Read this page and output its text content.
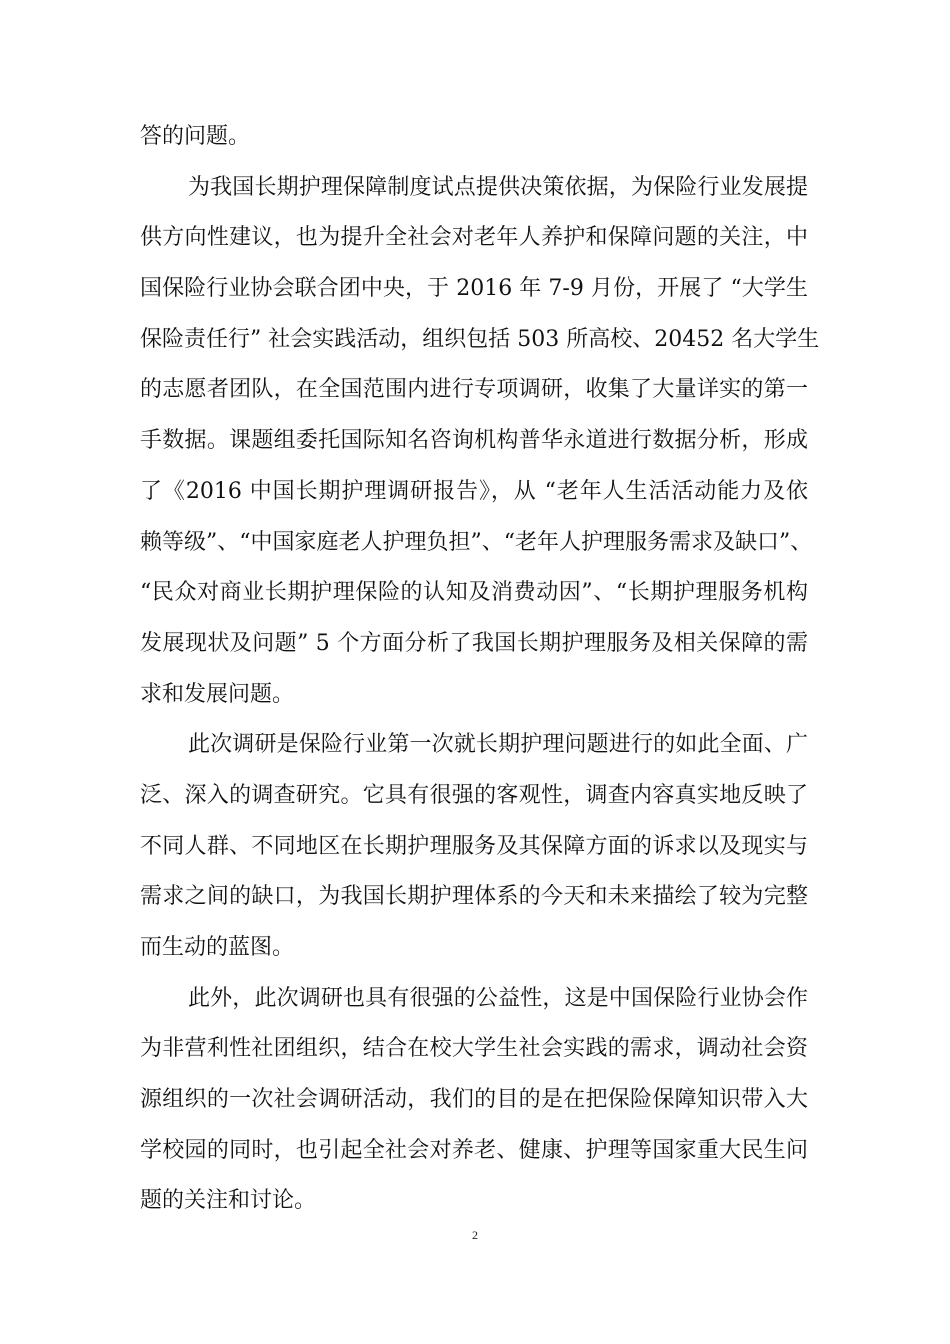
答的问题。
为我国长期护理保障制度试点提供决策依据，为保险行业发展提
供方向性建议，也为提升全社会对老年人养护和保障问题的关注，中
国保险行业协会联合团中央，于 2016 年 7-9 月份，开展了 “大学生
保险责任行” 社会实践活动，组织包括 503 所高校、20452 名大学生
的志愿者团队，在全国范围内进行专项调研，收集了大量详实的第一
手数据。课题组委托国际知名咨询机构普华永道进行数据分析，形成
了《2016 中国长期护理调研报告》，从 “老年人生活活动能力及依
赖等级”、“中国家庭老人护理负担”、“老年人护理服务需求及缺口”、
“民众对商业长期护理保险的认知及消费动因”、“长期护理服务机构
发展现状及问题” 5 个方面分析了我国长期护理服务及相关保障的需
求和发展问题。
此次调研是保险行业第一次就长期护理问题进行的如此全面、广
泛、深入的调查研究。它具有很强的客观性，调查内容真实地反映了
不同人群、不同地区在长期护理服务及其保障方面的诉求以及现实与
需求之间的缺口，为我国长期护理体系的今天和未来描绘了较为完整
而生动的蓝图。
此外，此次调研也具有很强的公益性，这是中国保险行业协会作
为非营利性社团组织，结合在校大学生社会实践的需求，调动社会资
源组织的一次社会调研活动，我们的目的是在把保险保障知识带入大
学校园的同时，也引起全社会对养老、健康、护理等国家重大民生问
题的关注和讨论。
2
